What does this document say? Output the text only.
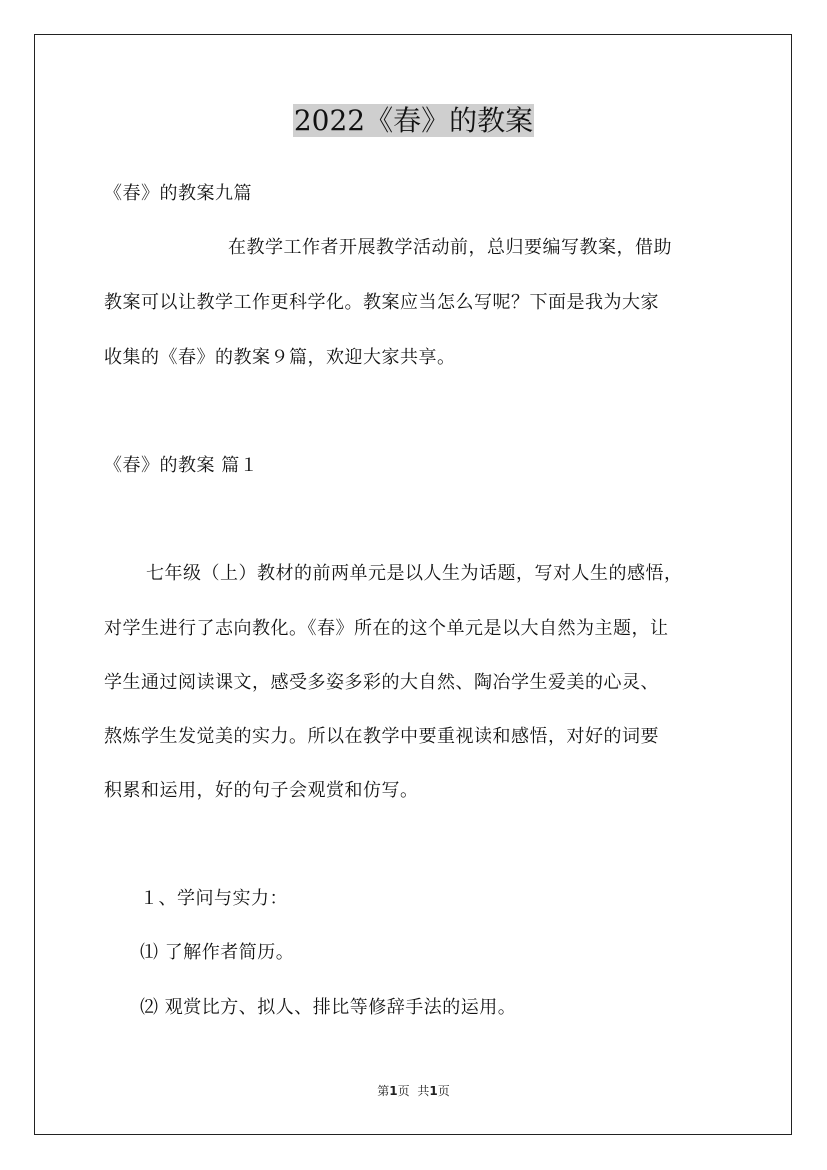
2022《春》的教案
《春》的教案九篇
在教学工作者开展教学活动前，总归要编写教案，借助
教案可以让教学工作更科学化。教案应当怎么写呢？下面是我为大家
收集的《春》的教案９篇，欢迎大家共享。
《春》的教案 篇１
七年级（上）教材的前两单元是以人生为话题，写对人生的感悟，
对学生进行了志向教化。《春》所在的这个单元是以大自然为主题，让
学生通过阅读课文，感受多姿多彩的大自然、陶冶学生爱美的心灵、
熬炼学生发觉美的实力。所以在教学中要重视读和感悟，对好的词要
积累和运用，好的句子会观赏和仿写。
１、学问与实力：
⑴ 了解作者简历。
⑵ 观赏比方、拟人、排比等修辞手法的运用。
第1页 共1页
